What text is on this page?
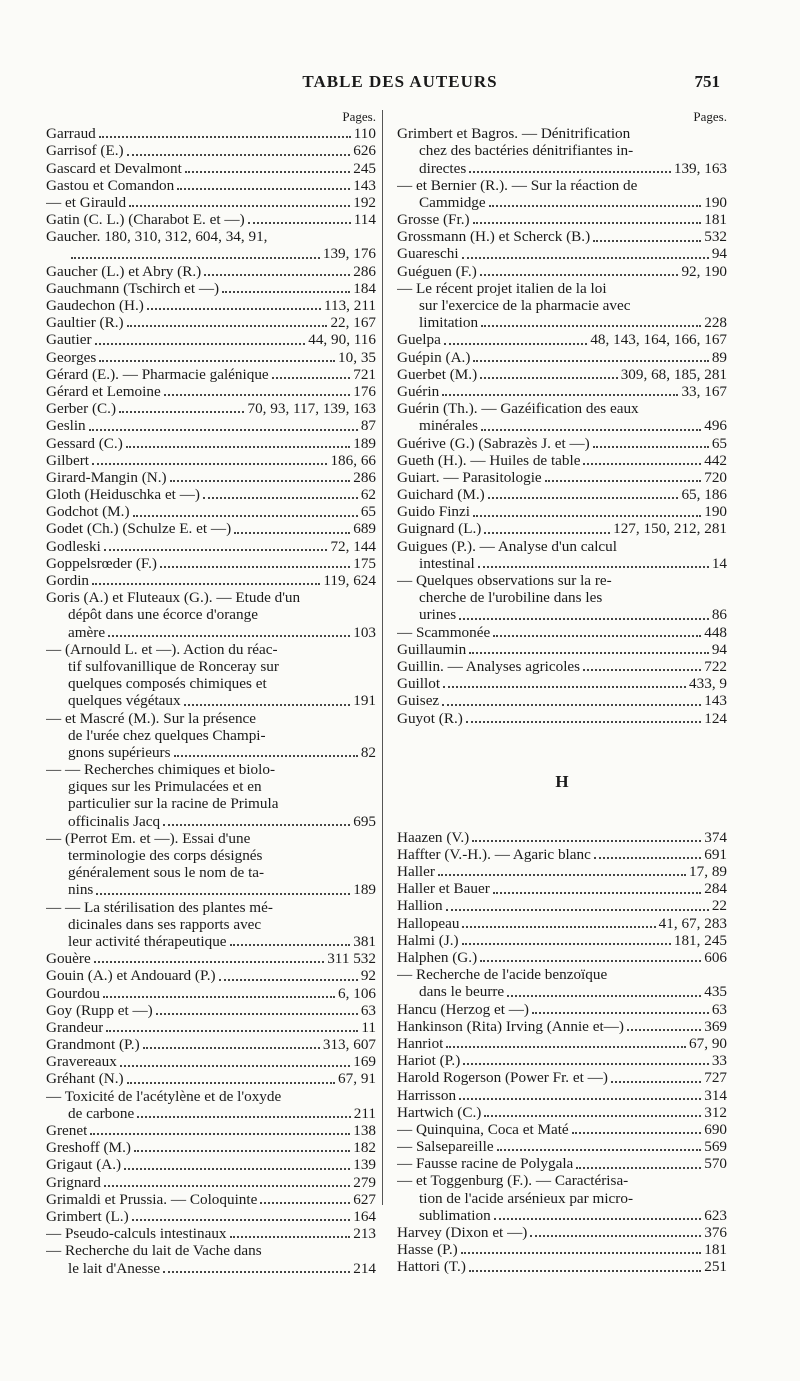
TABLE DES AUTEURS	751
Pages.
Garraud	110
Garrisof (E.)	626
Gascard et Devalmont	245
Gastou et Comandon	143
— et Girauld	192
Gatin (C. L.) (Charabot E. et —)	114
Gaucher. 180, 310, 312, 604, 34, 91,
139, 176
Gaucher (L.) et Abry (R.)	286
Gauchmann (Tschirch et —)	184
Gaudechon (H.)	113, 211
Gaultier (R.)	22, 167
Gautier	44, 90, 116
Georges	10, 35
Gérard (E.). — Pharmacie galénique	721
Gérard et Lemoine	176
Gerber (C.)	70, 93, 117, 139, 163
Geslin	87
Gessard (C.)	189
Gilbert	186, 66
Girard-Mangin (N.)	286
Gloth (Heiduschka et —)	62
Godchot (M.)	65
Godet (Ch.) (Schulze E. et —)	689
Godleski	72, 144
Goppelsrœder (F.)	175
Gordin	119, 624
Goris (A.) et Fluteaux (G.). — Etude d'un
dépôt dans une écorce d'orange
amère	103
— (Arnould L. et —). Action du réac-
tif sulfovanillique de Ronceray sur
quelques composés chimiques et
quelques végétaux	191
— et Mascré (M.). Sur la présence
de l'urée chez quelques Champi-
gnons supérieurs	82
— — Recherches chimiques et biolo-
giques sur les Primulacées et en
particulier sur la racine de Primula
officinalis Jacq	695
— (Perrot Em. et —). Essai d'une
terminologie des corps désignés
généralement sous le nom de ta-
nins	189
— — La stérilisation des plantes mé-
dicinales dans ses rapports avec
leur activité thérapeutique	381
Gouère	311 532
Gouin (A.) et Andouard (P.)	92
Gourdou	6, 106
Goy (Rupp et —)	63
Grandeur	11
Grandmont (P.)	313, 607
Gravereaux	169
Gréhant (N.)	67, 91
— Toxicité de l'acétylène et de l'oxyde
de carbone	211
Grenet	138
Greshoff (M.)	182
Grigaut (A.)	139
Grignard	279
Grimaldi et Prussia. — Coloquinte	627
Grimbert (L.)	164
— Pseudo-calculs intestinaux	213
— Recherche du lait de Vache dans
le lait d'Anesse	214
Pages.
Grimbert et Bagros. — Dénitrification
chez des bactéries dénitrifiantes in-
directes	139, 163
— et Bernier (R.). — Sur la réaction de
Cammidge	190
Grosse (Fr.)	181
Grossmann (H.) et Scherck (B.)	532
Guareschi	94
Guéguen (F.)	92, 190
— Le récent projet italien de la loi
sur l'exercice de la pharmacie avec
limitation	228
Guelpa	48, 143, 164, 166, 167
Guépin (A.)	89
Guerbet (M.)	309, 68, 185, 281
Guérin	33, 167
Guérin (Th.). — Gazéification des eaux
minérales	496
Guérive (G.) (Sabrazès J. et —)	65
Gueth (H.). — Huiles de table	442
Guiart. — Parasitologie	720
Guichard (M.)	65, 186
Guido Finzi	190
Guignard (L.)	127, 150, 212, 281
Guigues (P.). — Analyse d'un calcul
intestinal	14
— Quelques observations sur la re-
cherche de l'urobiline dans les
urines	86
— Scammonée	448
Guillaumin	94
Guillin. — Analyses agricoles	722
Guillot	433, 9
Guisez	143
Guyot (R.)	124
H
Haazen (V.)	374
Haffter (V.-H.). — Agaric blanc	691
Haller	17, 89
Haller et Bauer	284
Hallion	22
Hallopeau	41, 67, 283
Halmi (J.)	181, 245
Halphen (G.)	606
— Recherche de l'acide benzoïque
dans le beurre	435
Hancu (Herzog et —)	63
Hankinson (Rita) Irving (Annie et—)	369
Hanriot	67, 90
Hariot (P.)	33
Harold Rogerson (Power Fr. et —)	727
Harrisson	314
Hartwich (C.)	312
— Quinquina, Coca et Maté	690
— Salsepareille	569
— Fausse racine de Polygala	570
— et Toggenburg (F.). — Caractérisa-
tion de l'acide arsénieux par micro-
sublimation	623
Harvey (Dixon et —)	376
Hasse (P.)	181
Hattori (T.)	251
